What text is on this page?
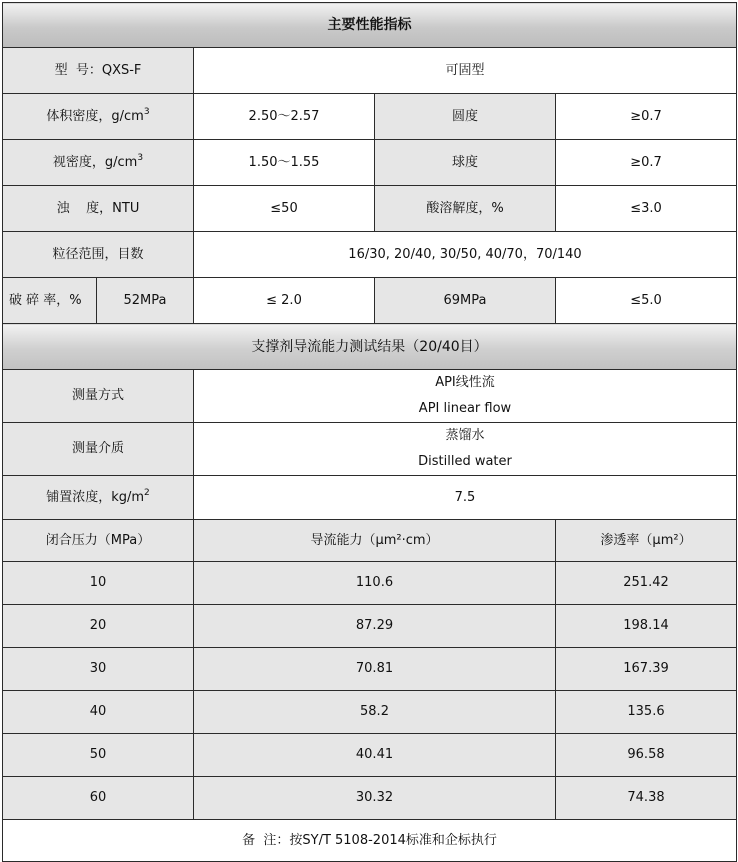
主要性能指标				
型  号：QXS-F		可固型		
体积密度，$g/cm^3$		2.50～2.57	圆度	≥0.7
视密度，$g/cm^3$		1.50～1.55	球度	≥0.7
浊    度，NTU		≤50	酸溶解度，%	≤3.0
粒径范围，目数		16/30, 20/40, 30/50, 40/70，70/140		
破 碎 率，%	52MPa	≤ 2.0	69MPa	≤5.0
支撑剂导流能力测试结果（20/40目）				
测量方式		API线性流
API linear flow		

测量介质		蒸馏水
Distilled water		

铺置浓度，$kg/m^2$		7.5		
闭合压力（MPa）		导流能力（μm²·cm）		渗透率（μm²）
10		110.6		251.42
20		87.29		198.14
30		70.81		167.39
40		58.2		135.6
50		40.41		96.58
60		30.32		74.38
备  注：按SY/T 5108-2014标准和企标执行				
